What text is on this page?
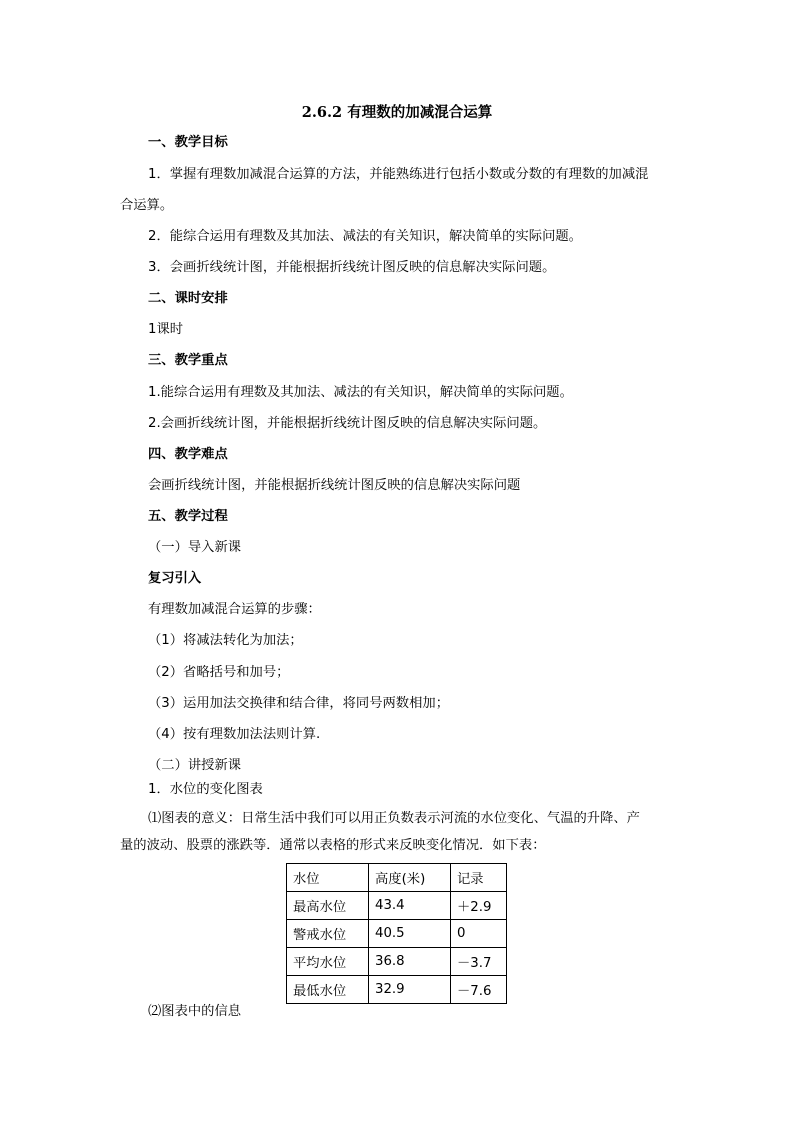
2.6.2 有理数的加减混合运算
一、教学目标
1．掌握有理数加减混合运算的方法，并能熟练进行包括小数或分数的有理数的加减混
合运算。
2．能综合运用有理数及其加法、减法的有关知识，解决简单的实际问题。
3．会画折线统计图，并能根据折线统计图反映的信息解决实际问题。
二、课时安排
1课时
三、教学重点
1.能综合运用有理数及其加法、减法的有关知识，解决简单的实际问题。
2.会画折线统计图，并能根据折线统计图反映的信息解决实际问题。
四、教学难点
会画折线统计图，并能根据折线统计图反映的信息解决实际问题
五、教学过程
（一）导入新课
复习引入
有理数加减混合运算的步骤：
（1）将减法转化为加法；
（2）省略括号和加号；
（3）运用加法交换律和结合律，将同号两数相加；
（4）按有理数加法法则计算.
（二）讲授新课
1．水位的变化图表
⑴图表的意义：日常生活中我们可以用正负数表示河流的水位变化、气温的升降、产
量的波动、股票的涨跌等．通常以表格的形式来反映变化情况．如下表：
水位	高度(米)	记录
最高水位	43.4	＋2.9
警戒水位	40.5	0
平均水位	36.8	－3.7
最低水位	32.9	－7.6
⑵图表中的信息
